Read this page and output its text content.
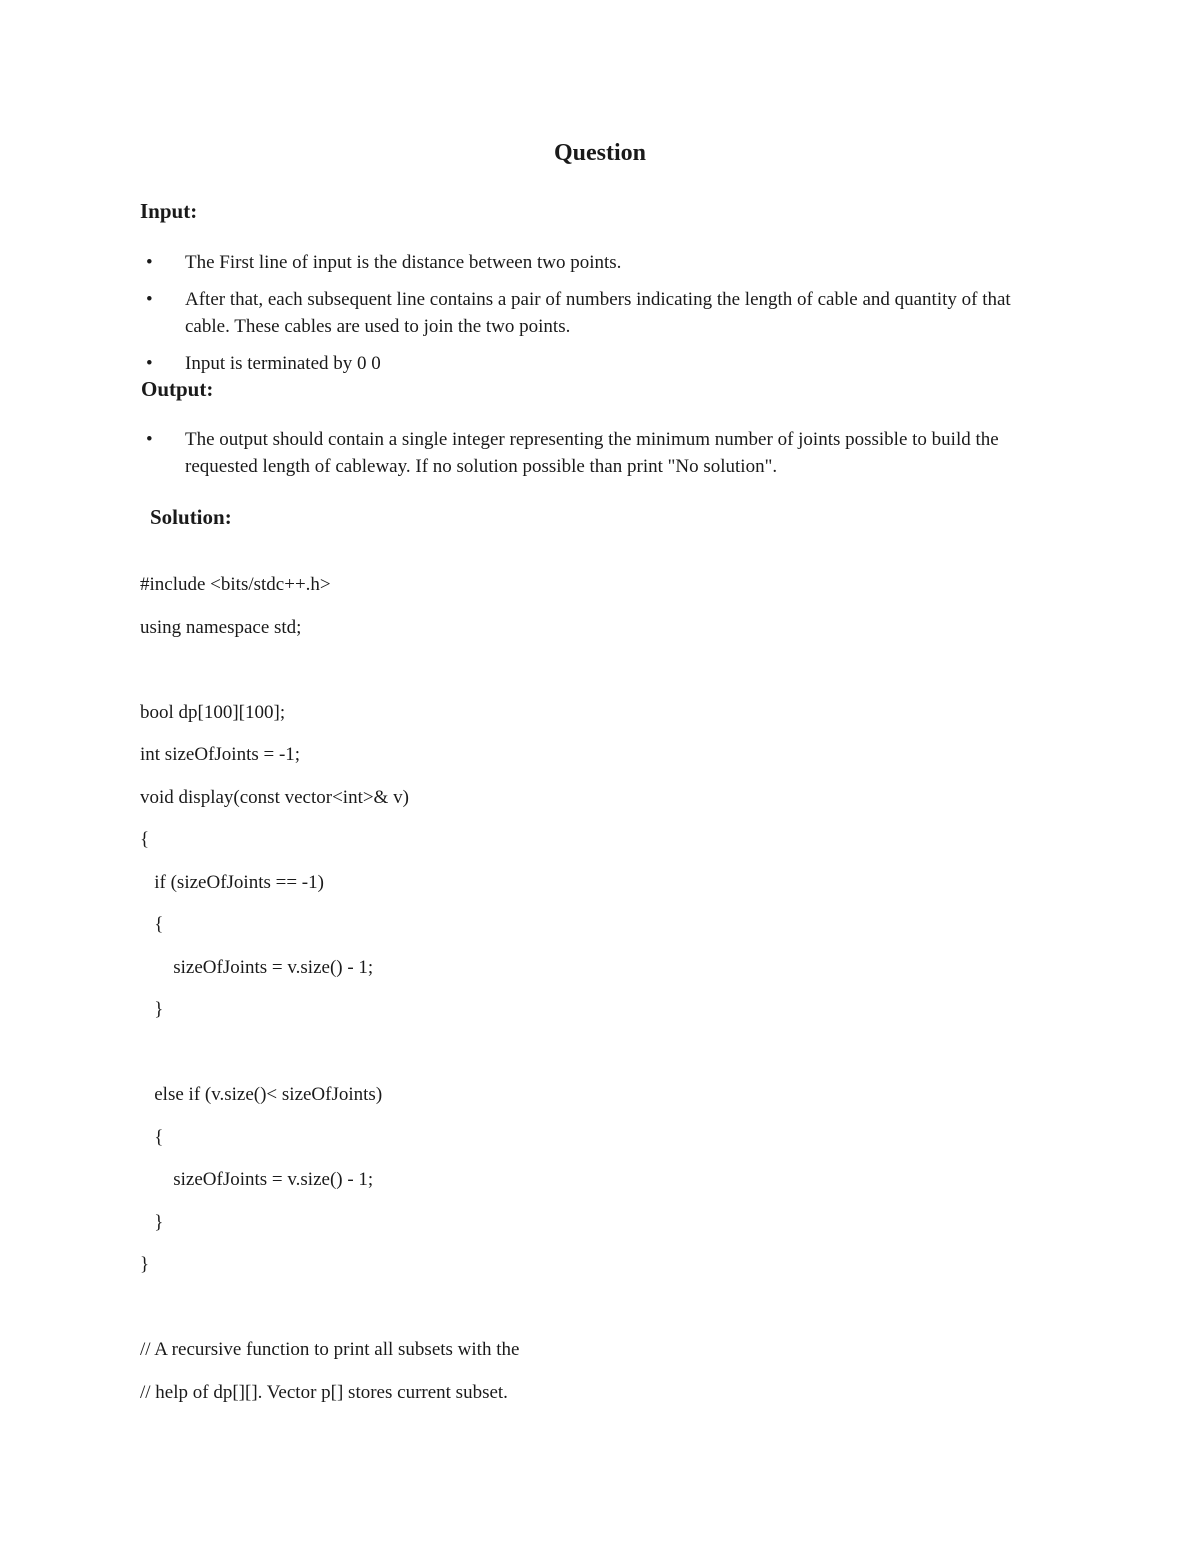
Question
Input:
• The First line of input is the distance between two points.
• After that, each subsequent line contains a pair of numbers indicating the length of cable and quantity of that cable. These cables are used to join the two points.
• Input is terminated by 0 0
Output:
• The output should contain a single integer representing the minimum number of joints possible to build the requested length of cableway. If no solution possible than print "No solution".
Solution:
#include <bits/stdc++.h>
using namespace std;
bool dp[100][100];
int sizeOfJoints = -1;
void display(const vector<int>& v)
{
if (sizeOfJoints == -1)
{
sizeOfJoints = v.size() - 1;
}
else if (v.size()< sizeOfJoints)
{
sizeOfJoints = v.size() - 1;
}
}
// A recursive function to print all subsets with the
// help of dp[][]. Vector p[] stores current subset.
